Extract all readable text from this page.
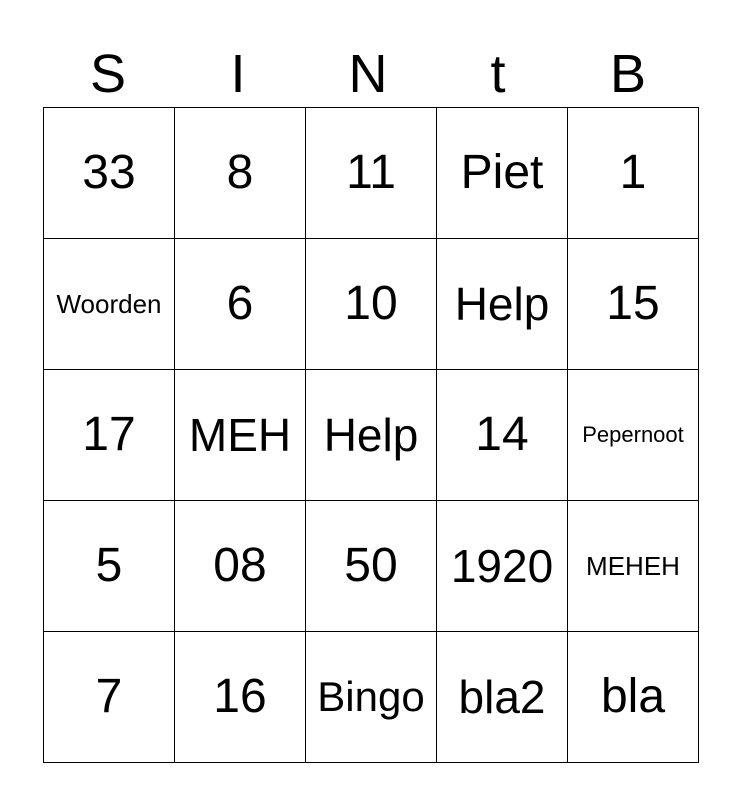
S	I	N	t	B
33	8	11	Piet	1
Woorden	6	10	Help	15
17	MEH	Help	14	Pepernoot
5	08	50	1920	MEHEH
7	16	Bingo	bla2	bla
